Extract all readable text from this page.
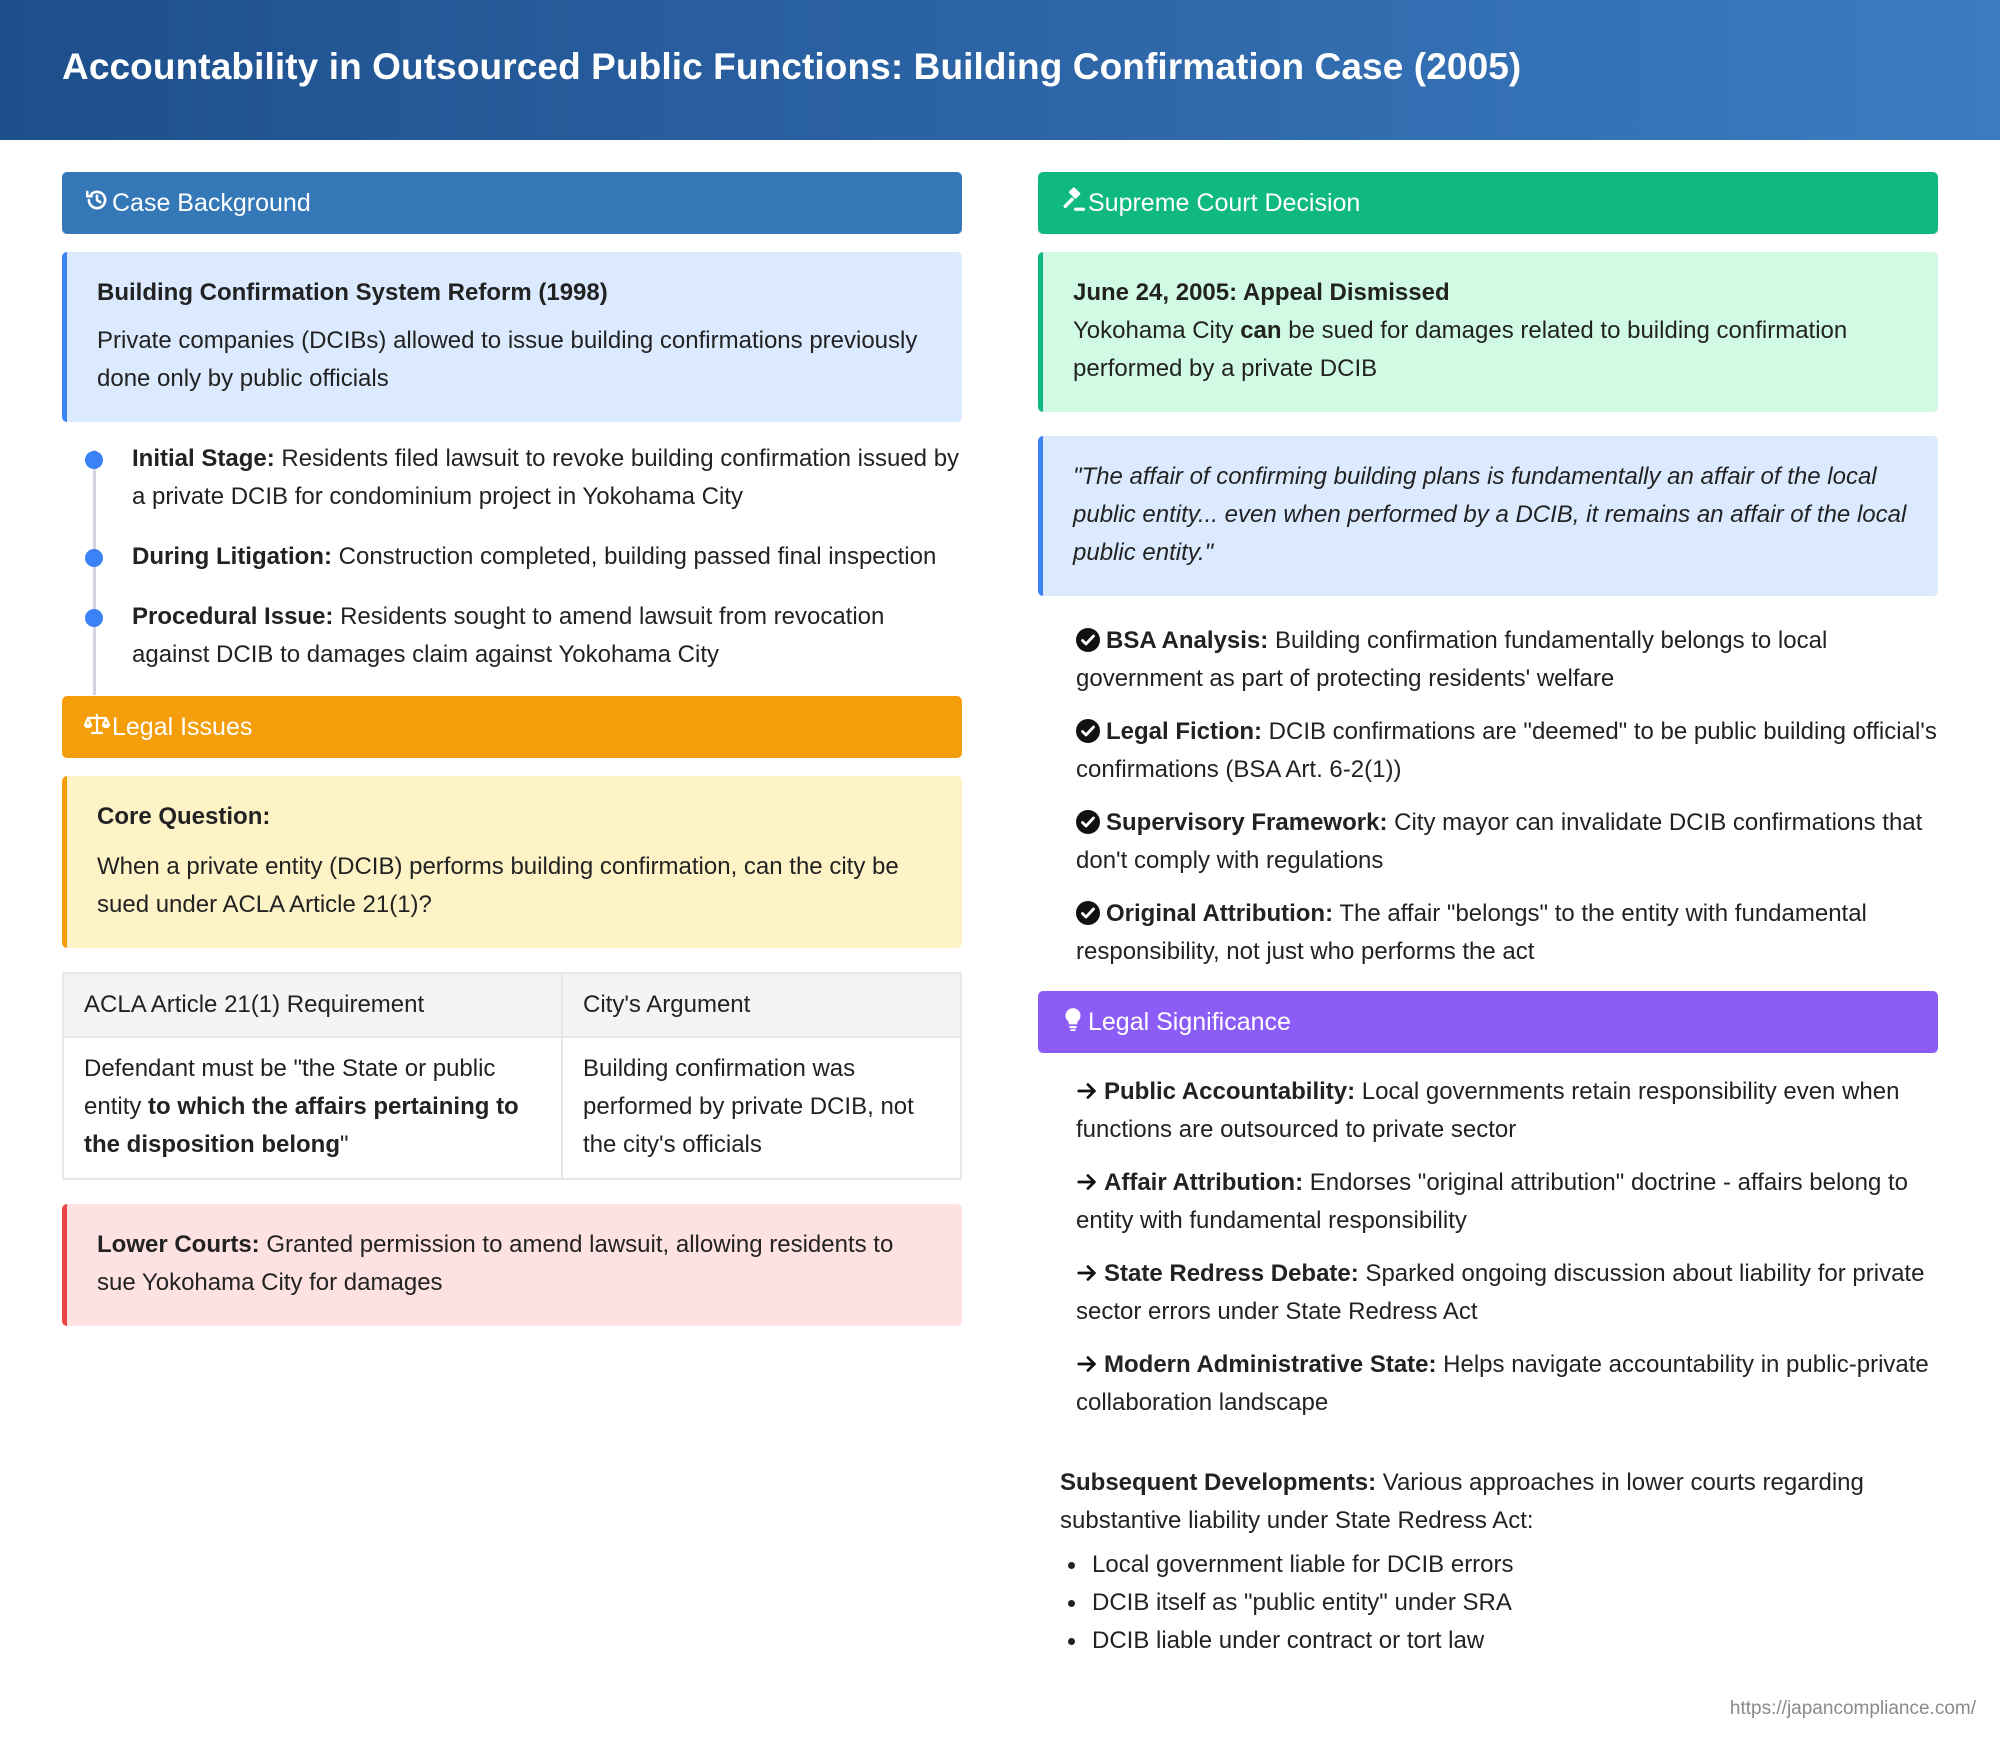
Accountability in Outsourced Public Functions: Building Confirmation Case (2005)
Case Background
Building Confirmation System Reform (1998)
Private companies (DCIBs) allowed to issue building confirmations previously done only by public officials
Initial Stage: Residents filed lawsuit to revoke building confirmation issued by a private DCIB for condominium project in Yokohama City
During Litigation: Construction completed, building passed final inspection
Procedural Issue: Residents sought to amend lawsuit from revocation against DCIB to damages claim against Yokohama City
Legal Issues
Core Question:
When a private entity (DCIB) performs building confirmation, can the city be sued under ACLA Article 21(1)?
ACLA Article 21(1) Requirement	City's Argument
Defendant must be "the State or public entity to which the affairs pertaining to the disposition belong"	Building confirmation was performed by private DCIB, not the city's officials
Lower Courts: Granted permission to amend lawsuit, allowing residents to sue Yokohama City for damages
Supreme Court Decision
June 24, 2005: Appeal Dismissed
Yokohama City can be sued for damages related to building confirmation performed by a private DCIB
"The affair of confirming building plans is fundamentally an affair of the local public entity... even when performed by a DCIB, it remains an affair of the local public entity."
BSA Analysis: Building confirmation fundamentally belongs to local government as part of protecting residents' welfare
Legal Fiction: DCIB confirmations are "deemed" to be public building official's confirmations (BSA Art. 6-2(1))
Supervisory Framework: City mayor can invalidate DCIB confirmations that don't comply with regulations
Original Attribution: The affair "belongs" to the entity with fundamental responsibility, not just who performs the act
Legal Significance
Public Accountability: Local governments retain responsibility even when functions are outsourced to private sector
Affair Attribution: Endorses "original attribution" doctrine - affairs belong to entity with fundamental responsibility
State Redress Debate: Sparked ongoing discussion about liability for private sector errors under State Redress Act
Modern Administrative State: Helps navigate accountability in public-private collaboration landscape
Subsequent Developments: Various approaches in lower courts regarding substantive liability under State Redress Act:
Local government liable for DCIB errors
DCIB itself as "public entity" under SRA
DCIB liable under contract or tort law
https://japancompliance.com/
